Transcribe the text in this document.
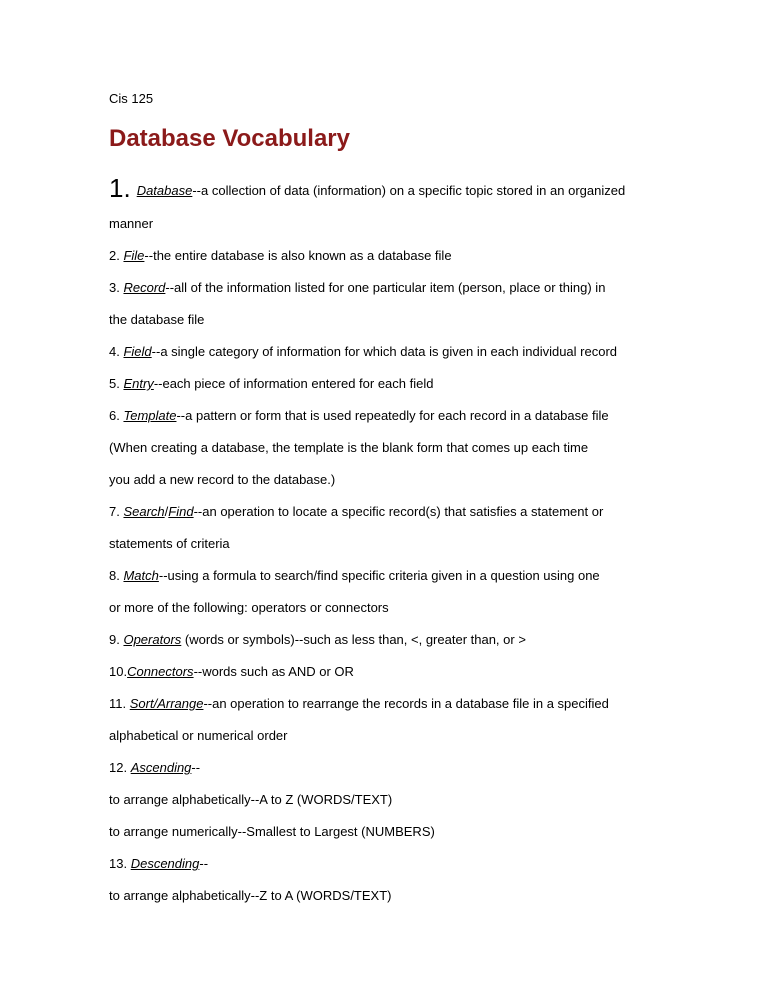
Cis 125
Database Vocabulary
1. Database--a collection of data (information) on a specific topic stored in an organized
manner
2. File--the entire database is also known as a database file
3. Record--all of the information listed for one particular item (person, place or thing) in
the database file
4. Field--a single category of information for which data is given in each individual record
5. Entry--each piece of information entered for each field
6. Template--a pattern or form that is used repeatedly for each record in a database file
(When creating a database, the template is the blank form that comes up each time
you add a new record to the database.)
7. Search/Find--an operation to locate a specific record(s) that satisfies a statement or
statements of criteria
8. Match--using a formula to search/find specific criteria given in a question using one
or more of the following: operators or connectors
9. Operators (words or symbols)--such as less than, <, greater than, or >
10.Connectors--words such as AND or OR
11. Sort/Arrange--an operation to rearrange the records in a database file in a specified
alphabetical or numerical order
12. Ascending--
to arrange alphabetically--A to Z (WORDS/TEXT)
to arrange numerically--Smallest to Largest (NUMBERS)
13. Descending--
to arrange alphabetically--Z to A (WORDS/TEXT)
